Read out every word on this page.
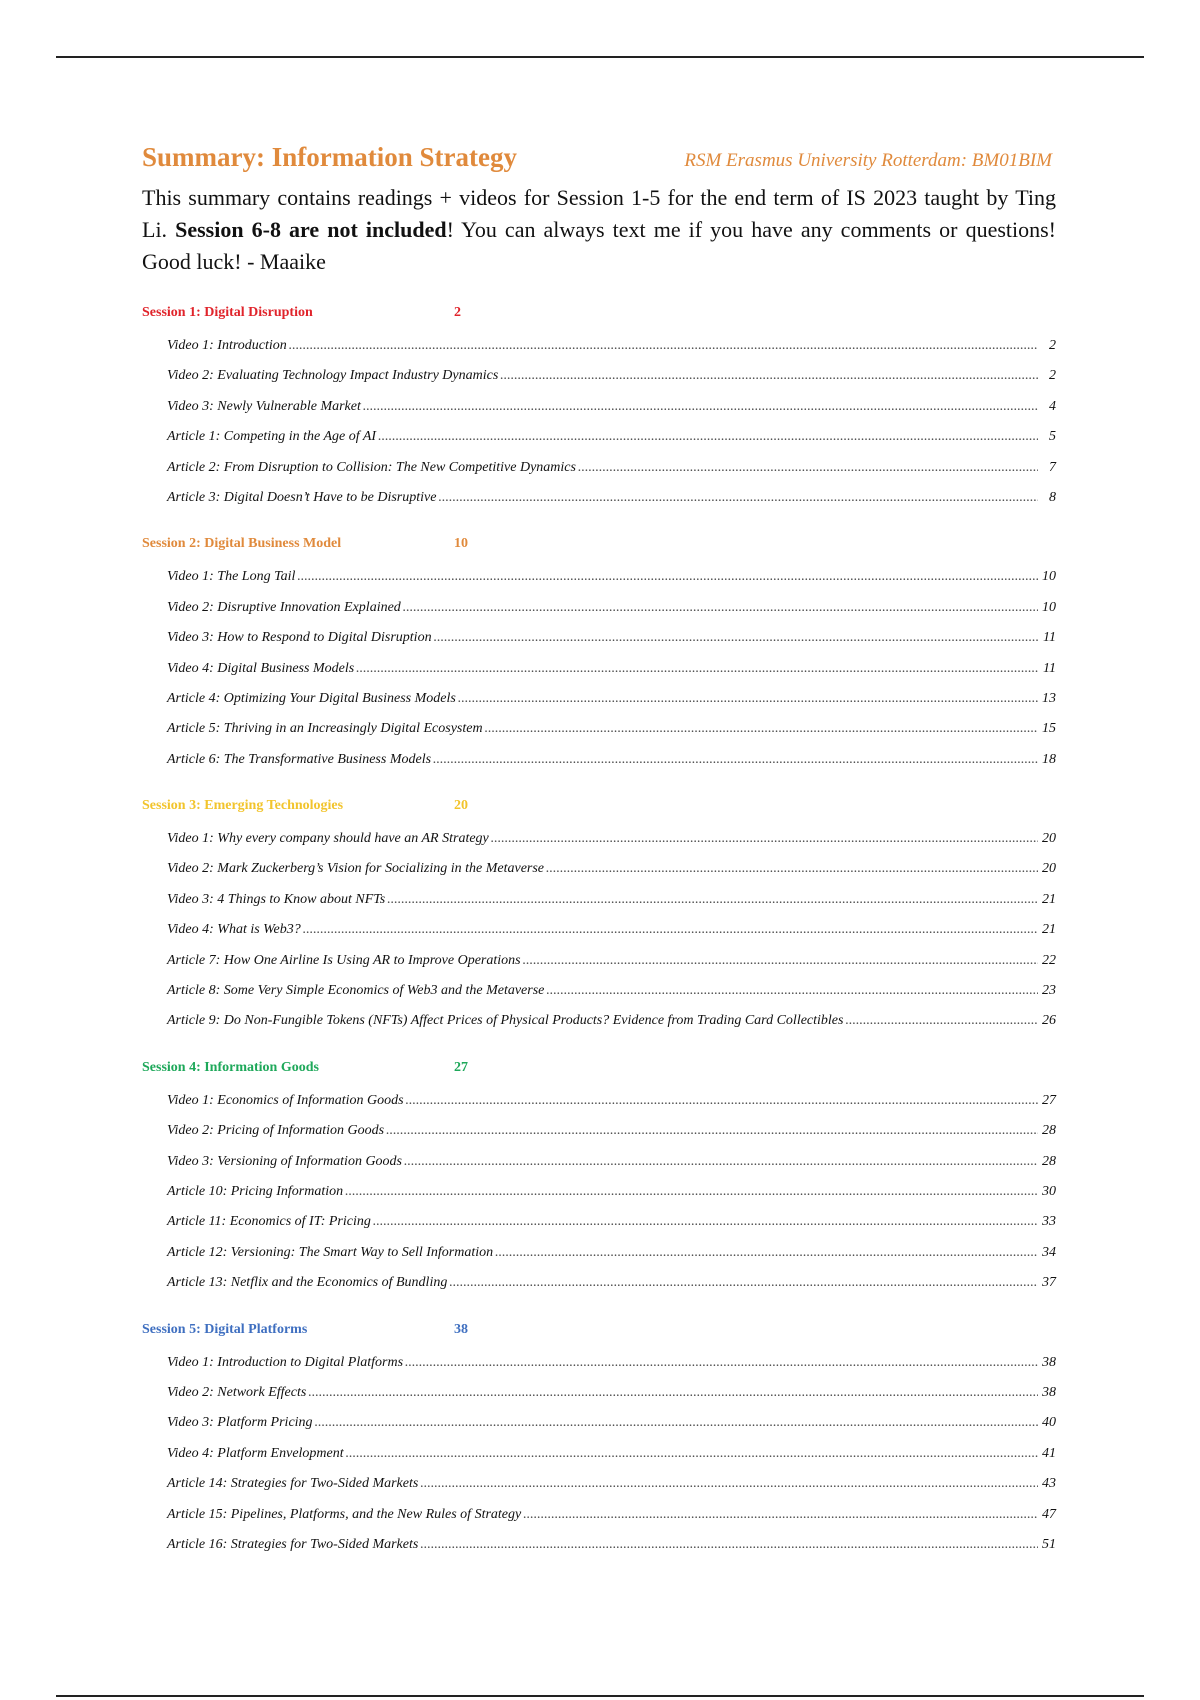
Summary: Information Strategy	RSM Erasmus University Rotterdam: BM01BIM
This summary contains readings + videos for Session 1-5 for the end term of IS 2023 taught by Ting Li. Session 6-8 are not included! You can always text me if you have any comments or questions! Good luck! - Maaike
Session 1: Digital Disruption	2
Video 1: Introduction .....	2
Video 2: Evaluating Technology Impact Industry Dynamics .....	2
Video 3: Newly Vulnerable Market .....	4
Article 1: Competing in the Age of AI .....	5
Article 2: From Disruption to Collision: The New Competitive Dynamics .....	7
Article 3: Digital Doesn’t Have to be Disruptive .....	8
Session 2: Digital Business Model	10
Video 1: The Long Tail .....	10
Video 2: Disruptive Innovation Explained .....	10
Video 3: How to Respond to Digital Disruption .....	11
Video 4: Digital Business Models .....	11
Article 4: Optimizing Your Digital Business Models .....	13
Article 5: Thriving in an Increasingly Digital Ecosystem .....	15
Article 6: The Transformative Business Models .....	18
Session 3: Emerging Technologies	20
Video 1: Why every company should have an AR Strategy .....	20
Video 2: Mark Zuckerberg’s Vision for Socializing in the Metaverse .....	20
Video 3: 4 Things to Know about NFTs .....	21
Video 4: What is Web3? .....	21
Article 7: How One Airline Is Using AR to Improve Operations .....	22
Article 8: Some Very Simple Economics of Web3 and the Metaverse .....	23
Article 9: Do Non-Fungible Tokens (NFTs) Affect Prices of Physical Products? Evidence from Trading Card Collectibles .....	26
Session 4: Information Goods	27
Video 1: Economics of Information Goods .....	27
Video 2: Pricing of Information Goods .....	28
Video 3: Versioning of Information Goods .....	28
Article 10: Pricing Information .....	30
Article 11: Economics of IT: Pricing .....	33
Article 12: Versioning: The Smart Way to Sell Information .....	34
Article 13: Netflix and the Economics of Bundling .....	37
Session 5: Digital Platforms	38
Video 1: Introduction to Digital Platforms .....	38
Video 2: Network Effects .....	38
Video 3: Platform Pricing .....	40
Video 4: Platform Envelopment .....	41
Article 14: Strategies for Two-Sided Markets .....	43
Article 15: Pipelines, Platforms, and the New Rules of Strategy .....	47
Article 16: Strategies for Two-Sided Markets .....	51
